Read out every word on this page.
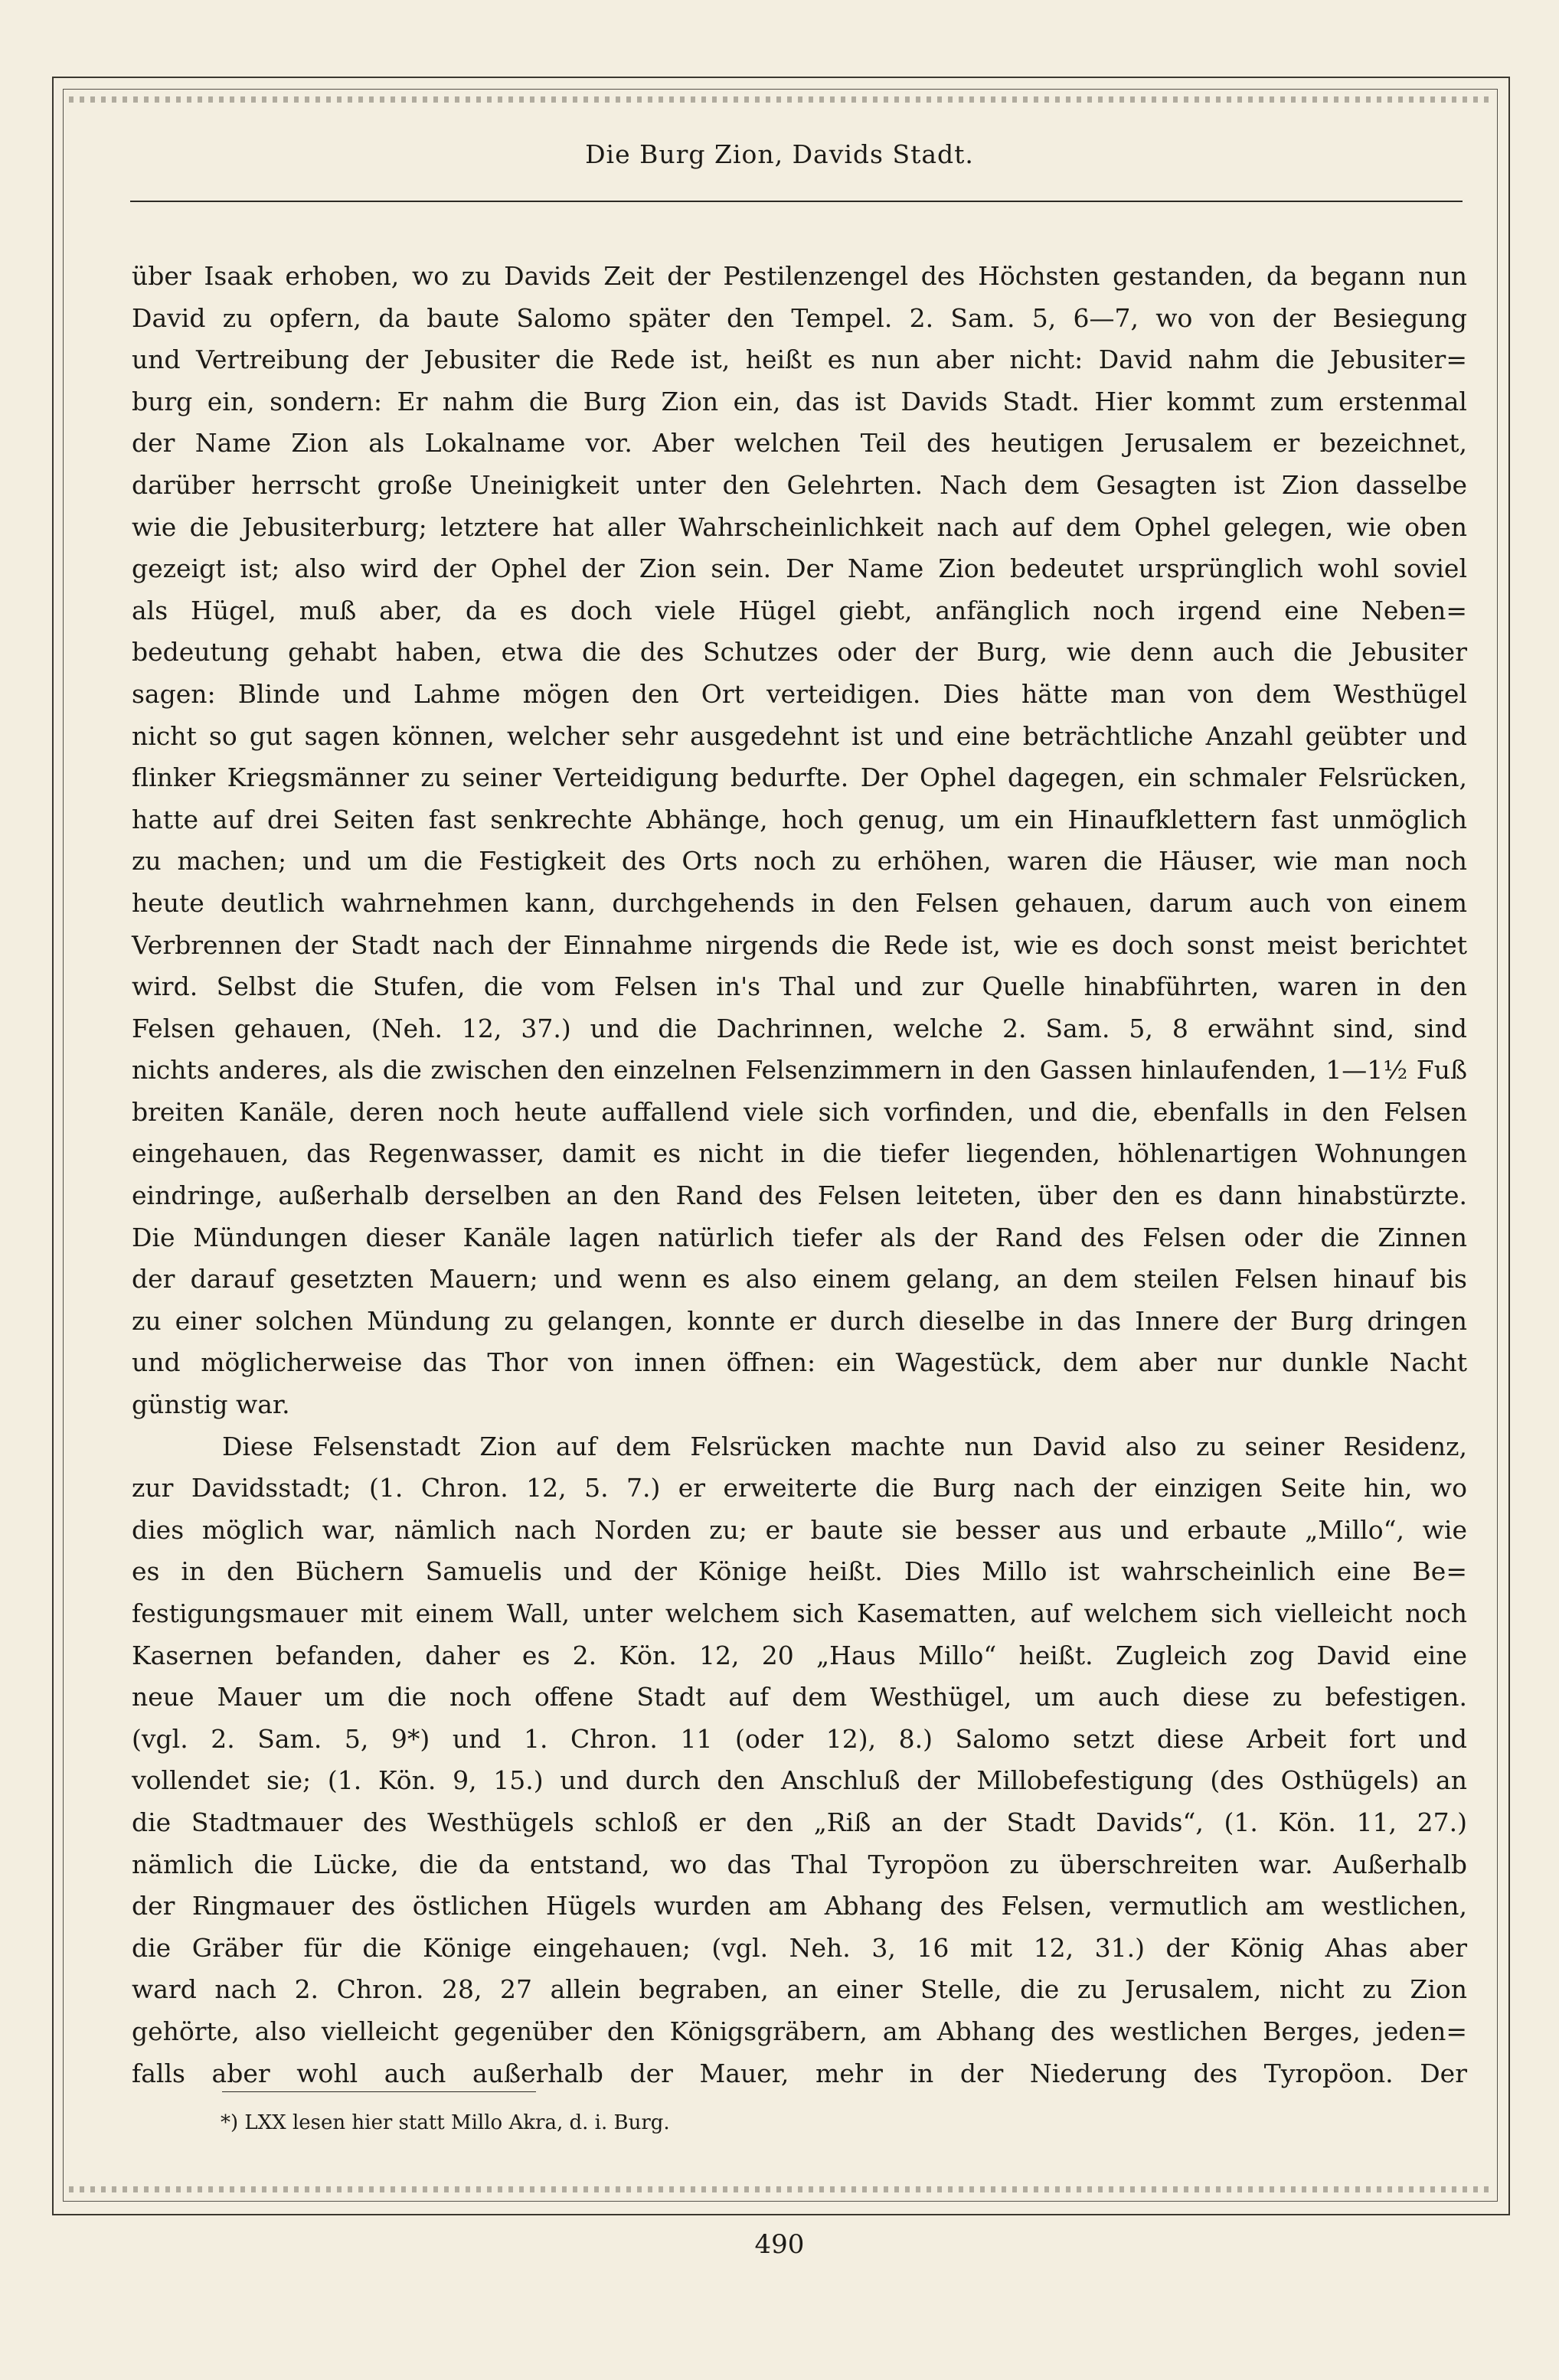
Die Burg Zion, Davids Stadt.
über Isaak erhoben, wo zu Davids Zeit der Pestilenzengel des Höchsten gestanden, da begann nun
David zu opfern, da baute Salomo später den Tempel. 2. Sam. 5, 6—7, wo von der Besiegung
und Vertreibung der Jebusiter die Rede ist, heißt es nun aber nicht: David nahm die Jebusiter=
burg ein, sondern: Er nahm die Burg Zion ein, das ist Davids Stadt. Hier kommt zum erstenmal
der Name Zion als Lokalname vor. Aber welchen Teil des heutigen Jerusalem er bezeichnet,
darüber herrscht große Uneinigkeit unter den Gelehrten. Nach dem Gesagten ist Zion dasselbe
wie die Jebusiterburg; letztere hat aller Wahrscheinlichkeit nach auf dem Ophel gelegen, wie oben
gezeigt ist; also wird der Ophel der Zion sein. Der Name Zion bedeutet ursprünglich wohl soviel
als Hügel, muß aber, da es doch viele Hügel giebt, anfänglich noch irgend eine Neben=
bedeutung gehabt haben, etwa die des Schutzes oder der Burg, wie denn auch die Jebusiter
sagen: Blinde und Lahme mögen den Ort verteidigen. Dies hätte man von dem Westhügel
nicht so gut sagen können, welcher sehr ausgedehnt ist und eine beträchtliche Anzahl geübter und
flinker Kriegsmänner zu seiner Verteidigung bedurfte. Der Ophel dagegen, ein schmaler Felsrücken,
hatte auf drei Seiten fast senkrechte Abhänge, hoch genug, um ein Hinaufklettern fast unmöglich
zu machen; und um die Festigkeit des Orts noch zu erhöhen, waren die Häuser, wie man noch
heute deutlich wahrnehmen kann, durchgehends in den Felsen gehauen, darum auch von einem
Verbrennen der Stadt nach der Einnahme nirgends die Rede ist, wie es doch sonst meist berichtet
wird. Selbst die Stufen, die vom Felsen in's Thal und zur Quelle hinabführten, waren in den
Felsen gehauen, (Neh. 12, 37.) und die Dachrinnen, welche 2. Sam. 5, 8 erwähnt sind, sind
nichts anderes, als die zwischen den einzelnen Felsenzimmern in den Gassen hinlaufenden, 1—1½ Fuß
breiten Kanäle, deren noch heute auffallend viele sich vorfinden, und die, ebenfalls in den Felsen
eingehauen, das Regenwasser, damit es nicht in die tiefer liegenden, höhlenartigen Wohnungen
eindringe, außerhalb derselben an den Rand des Felsen leiteten, über den es dann hinabstürzte.
Die Mündungen dieser Kanäle lagen natürlich tiefer als der Rand des Felsen oder die Zinnen
der darauf gesetzten Mauern; und wenn es also einem gelang, an dem steilen Felsen hinauf bis
zu einer solchen Mündung zu gelangen, konnte er durch dieselbe in das Innere der Burg dringen
und möglicherweise das Thor von innen öffnen: ein Wagestück, dem aber nur dunkle Nacht
günstig war.
Diese Felsenstadt Zion auf dem Felsrücken machte nun David also zu seiner Residenz,
zur Davidsstadt; (1. Chron. 12, 5. 7.) er erweiterte die Burg nach der einzigen Seite hin, wo
dies möglich war, nämlich nach Norden zu; er baute sie besser aus und erbaute „Millo“, wie
es in den Büchern Samuelis und der Könige heißt. Dies Millo ist wahrscheinlich eine Be=
festigungsmauer mit einem Wall, unter welchem sich Kasematten, auf welchem sich vielleicht noch
Kasernen befanden, daher es 2. Kön. 12, 20 „Haus Millo“ heißt. Zugleich zog David eine
neue Mauer um die noch offene Stadt auf dem Westhügel, um auch diese zu befestigen.
(vgl. 2. Sam. 5, 9*) und 1. Chron. 11 (oder 12), 8.) Salomo setzt diese Arbeit fort und
vollendet sie; (1. Kön. 9, 15.) und durch den Anschluß der Millobefestigung (des Osthügels) an
die Stadtmauer des Westhügels schloß er den „Riß an der Stadt Davids“, (1. Kön. 11, 27.)
nämlich die Lücke, die da entstand, wo das Thal Tyropöon zu überschreiten war. Außerhalb
der Ringmauer des östlichen Hügels wurden am Abhang des Felsen, vermutlich am westlichen,
die Gräber für die Könige eingehauen; (vgl. Neh. 3, 16 mit 12, 31.) der König Ahas aber
ward nach 2. Chron. 28, 27 allein begraben, an einer Stelle, die zu Jerusalem, nicht zu Zion
gehörte, also vielleicht gegenüber den Königsgräbern, am Abhang des westlichen Berges, jeden=
falls aber wohl auch außerhalb der Mauer, mehr in der Niederung des Tyropöon. Der
*) LXX lesen hier statt Millo Akra, d. i. Burg.
490
